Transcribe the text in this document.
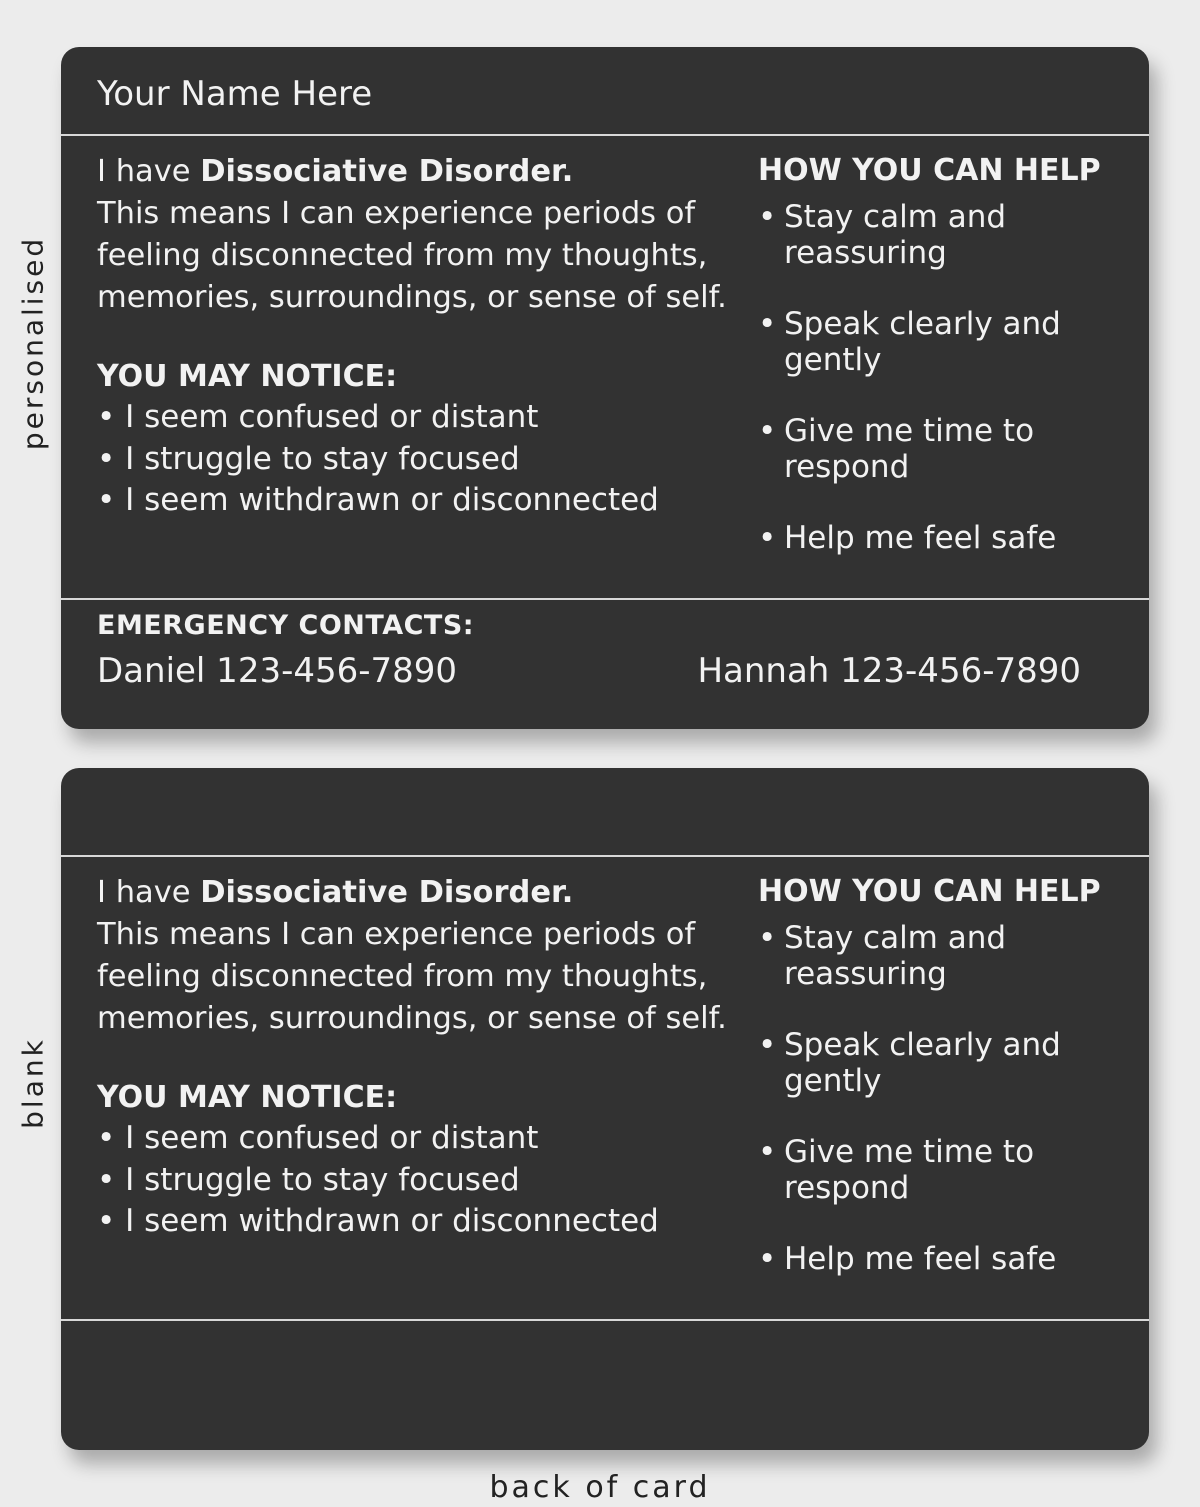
personalised
blank
Your Name Here

I have Dissociative Disorder.
This means I can experience periods of feeling disconnected from my thoughts, memories, surroundings, or sense of self.

YOU MAY NOTICE:
• I seem confused or distant
• I struggle to stay focused
• I seem withdrawn or disconnected
HOW YOU CAN HELP
• Stay calm and reassuring
• Speak clearly and gently
• Give me time to respond
• Help me feel safe
EMERGENCY CONTACTS:
Daniel 123-456-7890	Hannah 123-456-7890

I have Dissociative Disorder.
This means I can experience periods of feeling disconnected from my thoughts, memories, surroundings, or sense of self.

YOU MAY NOTICE:
• I seem confused or distant
• I struggle to stay focused
• I seem withdrawn or disconnected
HOW YOU CAN HELP
• Stay calm and reassuring
• Speak clearly and gently
• Give me time to respond
• Help me feel safe
back of card
